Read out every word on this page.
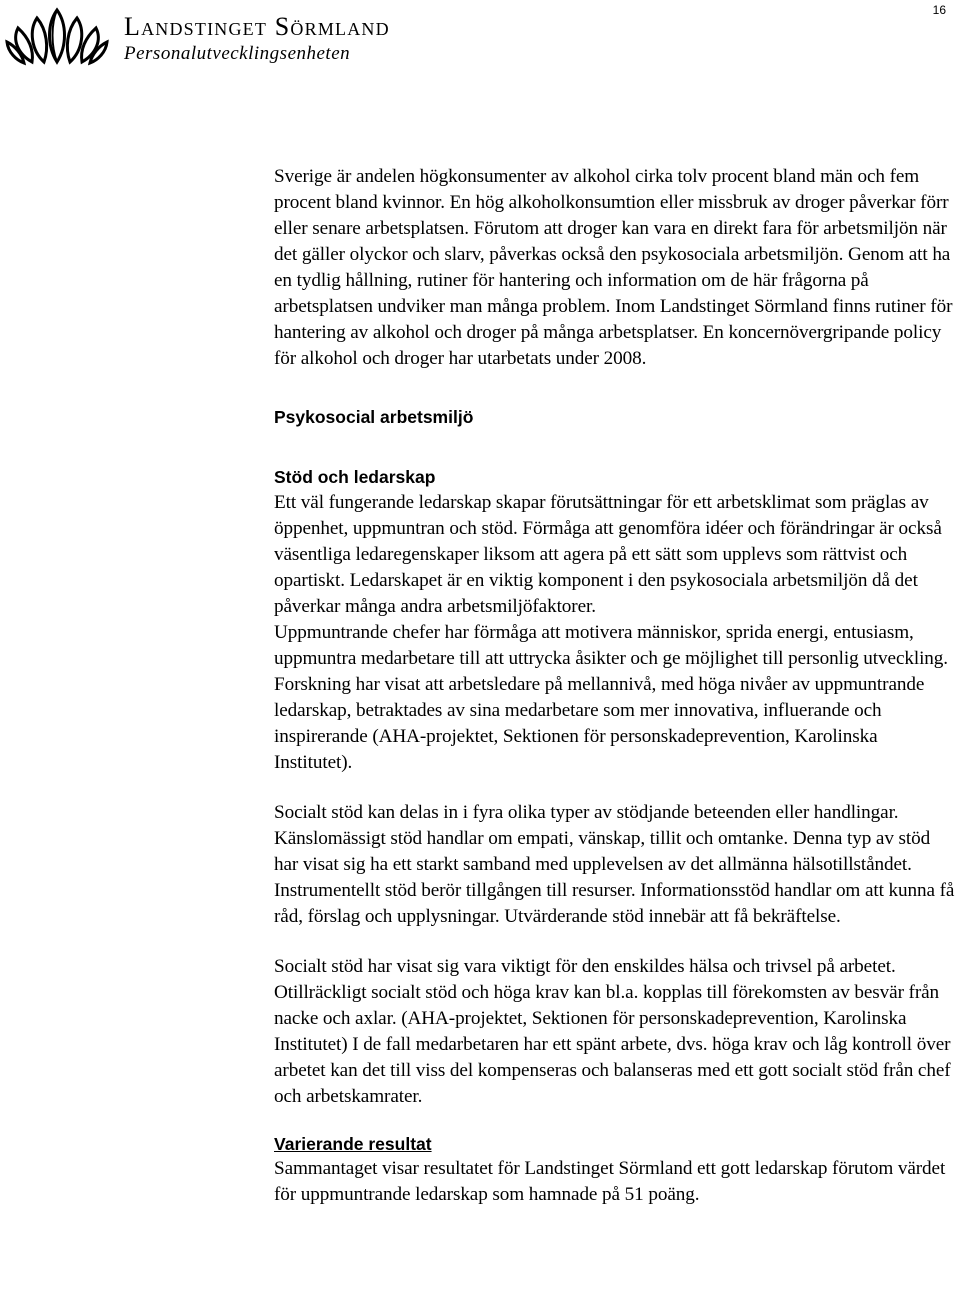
Landstinget Sörmland
Personalutvecklingsenheten
16

Sverige är andelen högkonsumenter av alkohol cirka tolv procent bland män och fem procent bland kvinnor. En hög alkoholkonsumtion eller missbruk av droger påverkar förr eller senare arbetsplatsen. Förutom att droger kan vara en direkt fara för arbetsmiljön när det gäller olyckor och slarv, påverkas också den psykosociala arbetsmiljön. Genom att ha en tydlig hållning, rutiner för hantering och information om de här frågorna på arbetsplatsen undviker man många problem. Inom Landstinget Sörmland finns rutiner för hantering av alkohol och droger på många arbetsplatser. En koncernövergripande policy för alkohol och droger har utarbetats under 2008.

Psykosocial arbetsmiljö
Stöd och ledarskap

Ett väl fungerande ledarskap skapar förutsättningar för ett arbetsklimat som präglas av öppenhet, uppmuntran och stöd. Förmåga att genomföra idéer och förändringar är också väsentliga ledaregenskaper liksom att agera på ett sätt som upplevs som rättvist och opartiskt. Ledarskapet är en viktig komponent i den psykosociala arbetsmiljön då det påverkar många andra arbetsmiljöfaktorer.

Uppmuntrande chefer har förmåga att motivera människor, sprida energi, entusiasm, uppmuntra medarbetare till att uttrycka åsikter och ge möjlighet till personlig utveckling. Forskning har visat att arbetsledare på mellannivå, med höga nivåer av uppmuntrande ledarskap, betraktades av sina medarbetare som mer innovativa, influerande och inspirerande (AHA-projektet, Sektionen för personskadeprevention, Karolinska Institutet).

Socialt stöd kan delas in i fyra olika typer av stödjande beteenden eller handlingar. Känslomässigt stöd handlar om empati, vänskap, tillit och omtanke. Denna typ av stöd har visat sig ha ett starkt samband med upplevelsen av det allmänna hälsotillståndet. Instrumentellt stöd berör tillgången till resurser. Informationsstöd handlar om att kunna få råd, förslag och upplysningar. Utvärderande stöd innebär att få bekräftelse.

Socialt stöd har visat sig vara viktigt för den enskildes hälsa och trivsel på arbetet. Otillräckligt socialt stöd och höga krav kan bl.a. kopplas till förekomsten av besvär från nacke och axlar. (AHA-projektet, Sektionen för personskadeprevention, Karolinska Institutet) I de fall medarbetaren har ett spänt arbete, dvs. höga krav och låg kontroll över arbetet kan det till viss del kompenseras och balanseras med ett gott socialt stöd från chef och arbetskamrater.

Varierande resultat

Sammantaget visar resultatet för Landstinget Sörmland ett gott ledarskap förutom värdet för uppmuntrande ledarskap som hamnade på 51 poäng.
